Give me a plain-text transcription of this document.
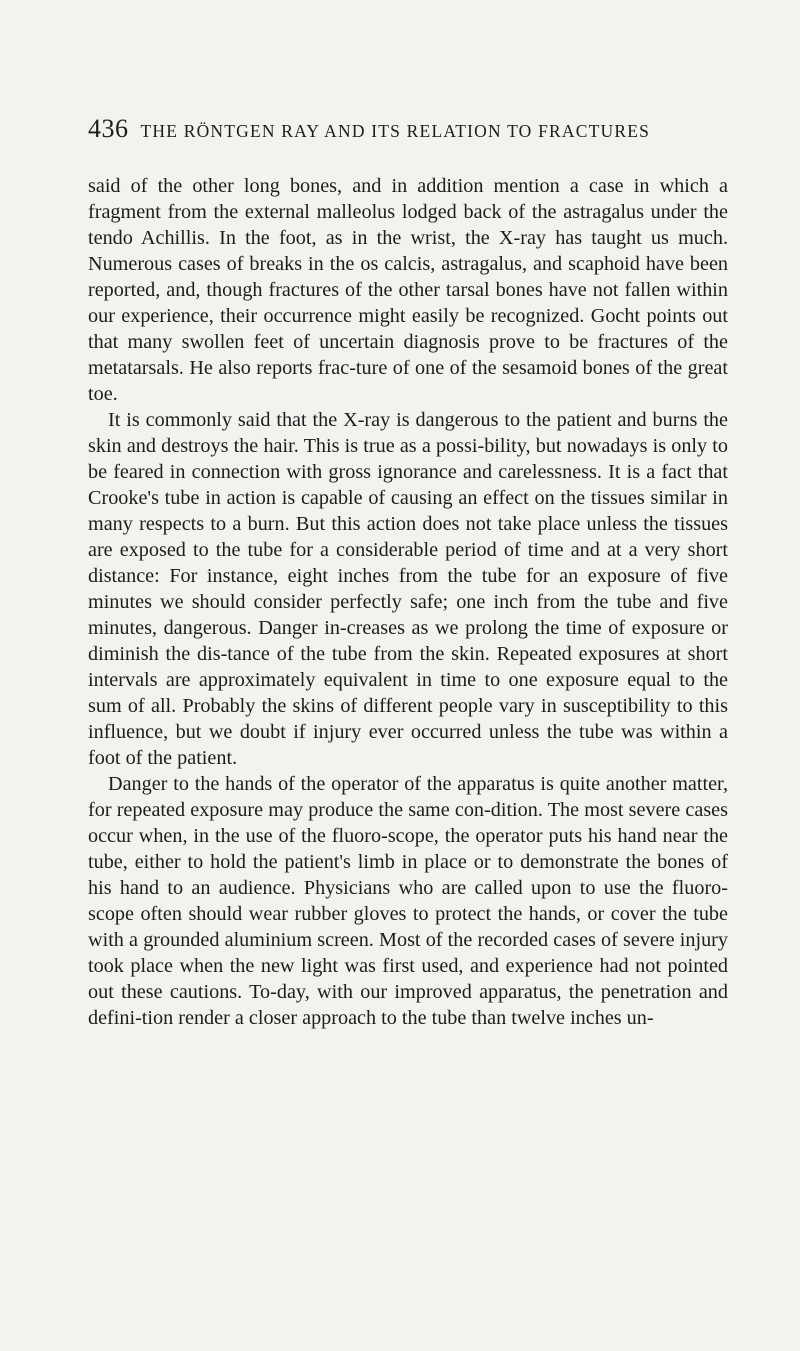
436 THE RÖNTGEN RAY AND ITS RELATION TO FRACTURES

said of the other long bones, and in addition mention a case in which a fragment from the external malleolus lodged back of the astragalus under the tendo Achillis. In the foot, as in the wrist, the X-ray has taught us much. Numerous cases of breaks in the os calcis, astragalus, and scaphoid have been reported, and, though fractures of the other tarsal bones have not fallen within our experience, their occurrence might easily be recognized. Gocht points out that many swollen feet of uncertain diagnosis prove to be fractures of the metatarsals. He also reports frac-ture of one of the sesamoid bones of the great toe.

It is commonly said that the X-ray is dangerous to the patient and burns the skin and destroys the hair. This is true as a possi-bility, but nowadays is only to be feared in connection with gross ignorance and carelessness. It is a fact that Crooke's tube in action is capable of causing an effect on the tissues similar in many respects to a burn. But this action does not take place unless the tissues are exposed to the tube for a considerable period of time and at a very short distance: For instance, eight inches from the tube for an exposure of five minutes we should consider perfectly safe; one inch from the tube and five minutes, dangerous. Danger in-creases as we prolong the time of exposure or diminish the dis-tance of the tube from the skin. Repeated exposures at short intervals are approximately equivalent in time to one exposure equal to the sum of all. Probably the skins of different people vary in susceptibility to this influence, but we doubt if injury ever occurred unless the tube was within a foot of the patient.

Danger to the hands of the operator of the apparatus is quite another matter, for repeated exposure may produce the same con-dition. The most severe cases occur when, in the use of the fluoro-scope, the operator puts his hand near the tube, either to hold the patient's limb in place or to demonstrate the bones of his hand to an audience. Physicians who are called upon to use the fluoro-scope often should wear rubber gloves to protect the hands, or cover the tube with a grounded aluminium screen. Most of the recorded cases of severe injury took place when the new light was first used, and experience had not pointed out these cautions. To-day, with our improved apparatus, the penetration and defini-tion render a closer approach to the tube than twelve inches un-
